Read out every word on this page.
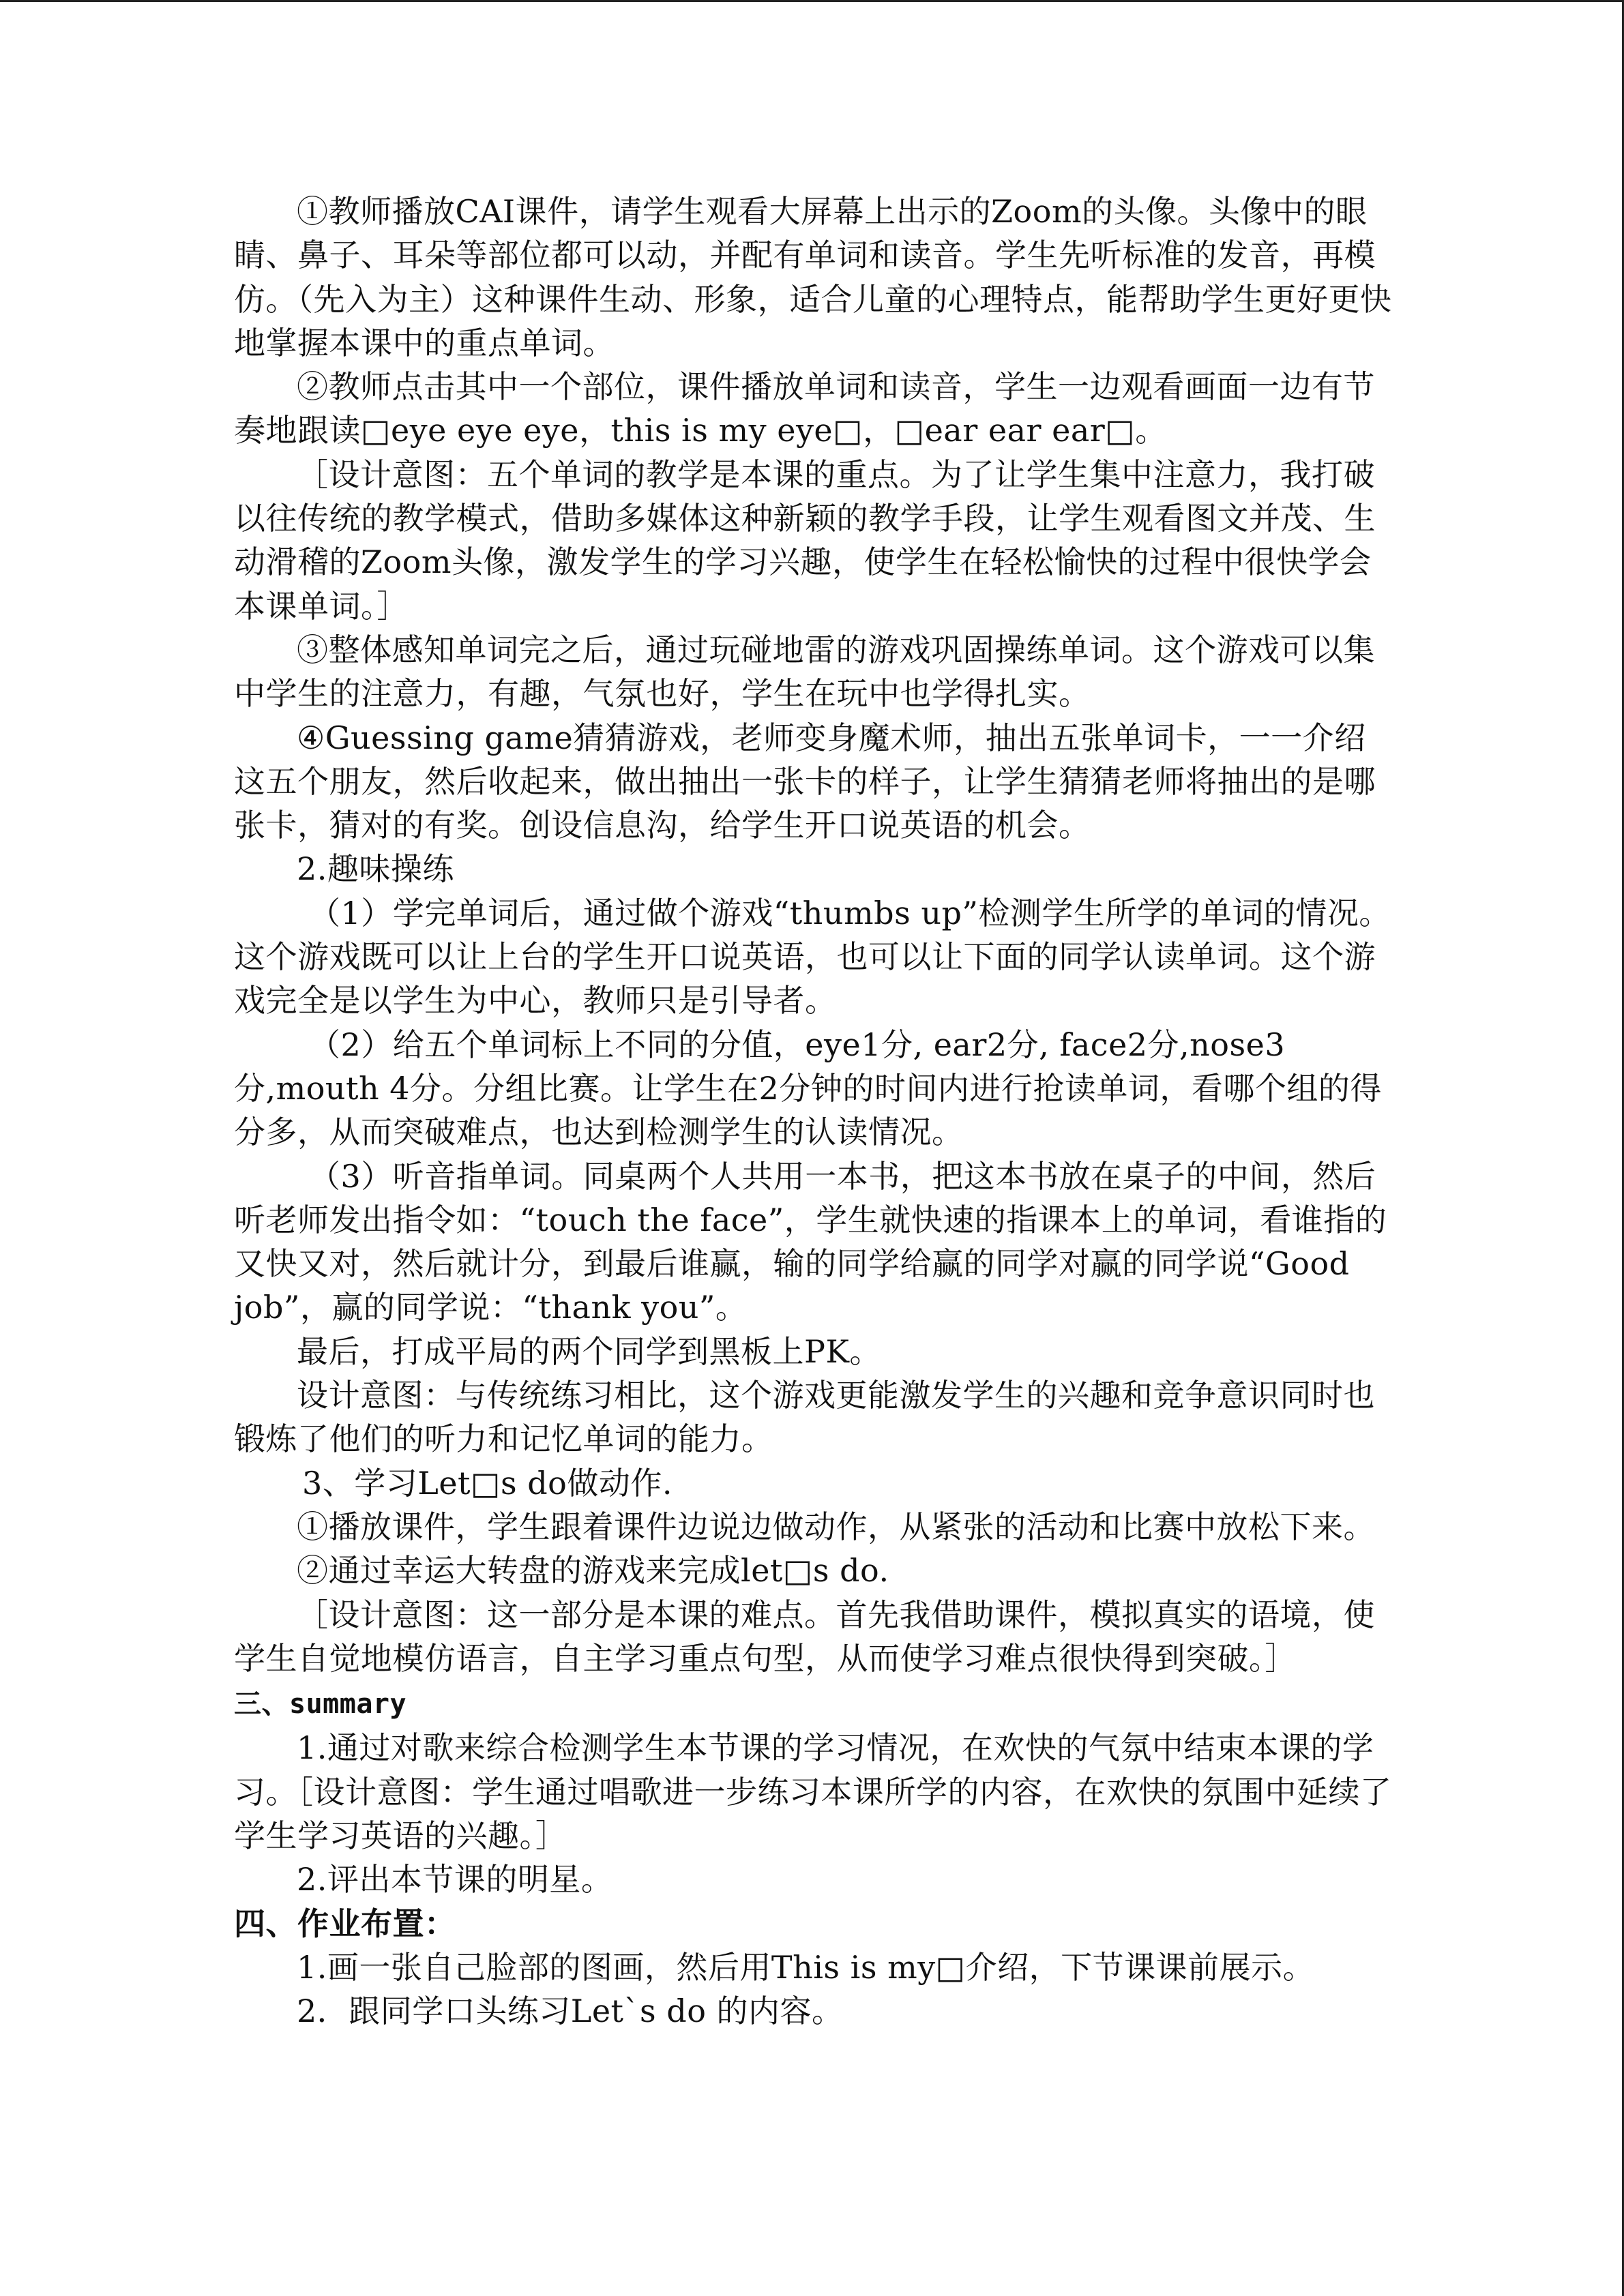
①教师播放CAI课件，请学生观看大屏幕上出示的Zoom的头像。头像中的眼睛、鼻子、耳朵等部位都可以动，并配有单词和读音。学生先听标准的发音，再模仿。（先入为主）这种课件生动、形象，适合儿童的心理特点，能帮助学生更好更快地掌握本课中的重点单词。

②教师点击其中一个部位，课件播放单词和读音，学生一边观看画面一边有节奏地跟读□eye eye eye，this is my eye□，□ear ear ear□。

［设计意图：五个单词的教学是本课的重点。为了让学生集中注意力，我打破以往传统的教学模式，借助多媒体这种新颖的教学手段，让学生观看图文并茂、生动滑稽的Zoom头像，激发学生的学习兴趣，使学生在轻松愉快的过程中很快学会本课单词。］

③整体感知单词完之后，通过玩碰地雷的游戏巩固操练单词。这个游戏可以集中学生的注意力，有趣，气氛也好，学生在玩中也学得扎实。

④Guessing game猜猜游戏，老师变身魔术师，抽出五张单词卡，一一介绍这五个朋友，然后收起来，做出抽出一张卡的样子，让学生猜猜老师将抽出的是哪张卡，猜对的有奖。创设信息沟，给学生开口说英语的机会。

2.趣味操练

（1）学完单词后，通过做个游戏“thumbs up”检测学生所学的单词的情况。这个游戏既可以让上台的学生开口说英语，也可以让下面的同学认读单词。这个游戏完全是以学生为中心，教师只是引导者。

（2）给五个单词标上不同的分值，eye1分, ear2分, face2分,nose3分,mouth 4分。分组比赛。让学生在2分钟的时间内进行抢读单词，看哪个组的得分多，从而突破难点，也达到检测学生的认读情况。

（3）听音指单词。同桌两个人共用一本书，把这本书放在桌子的中间，然后听老师发出指令如：“touch the face”，学生就快速的指课本上的单词，看谁指的又快又对，然后就计分，到最后谁赢，输的同学给赢的同学对赢的同学说“Good job”，赢的同学说：“thank you”。

最后，打成平局的两个同学到黑板上PK。

设计意图：与传统练习相比，这个游戏更能激发学生的兴趣和竞争意识同时也锻炼了他们的听力和记忆单词的能力。

3、学习Let□s do做动作.

①播放课件，学生跟着课件边说边做动作，从紧张的活动和比赛中放松下来。

②通过幸运大转盘的游戏来完成let□s do.

［设计意图：这一部分是本课的难点。首先我借助课件，模拟真实的语境，使学生自觉地模仿语言，自主学习重点句型，从而使学习难点很快得到突破。］

三、summary

1.通过对歌来综合检测学生本节课的学习情况，在欢快的气氛中结束本课的学习。［设计意图：学生通过唱歌进一步练习本课所学的内容，在欢快的氛围中延续了学生学习英语的兴趣。］

2.评出本节课的明星。

四、作业布置：

1.画一张自己脸部的图画，然后用This is my□介绍，下节课课前展示。

2．跟同学口头练习Let`s do 的内容。
